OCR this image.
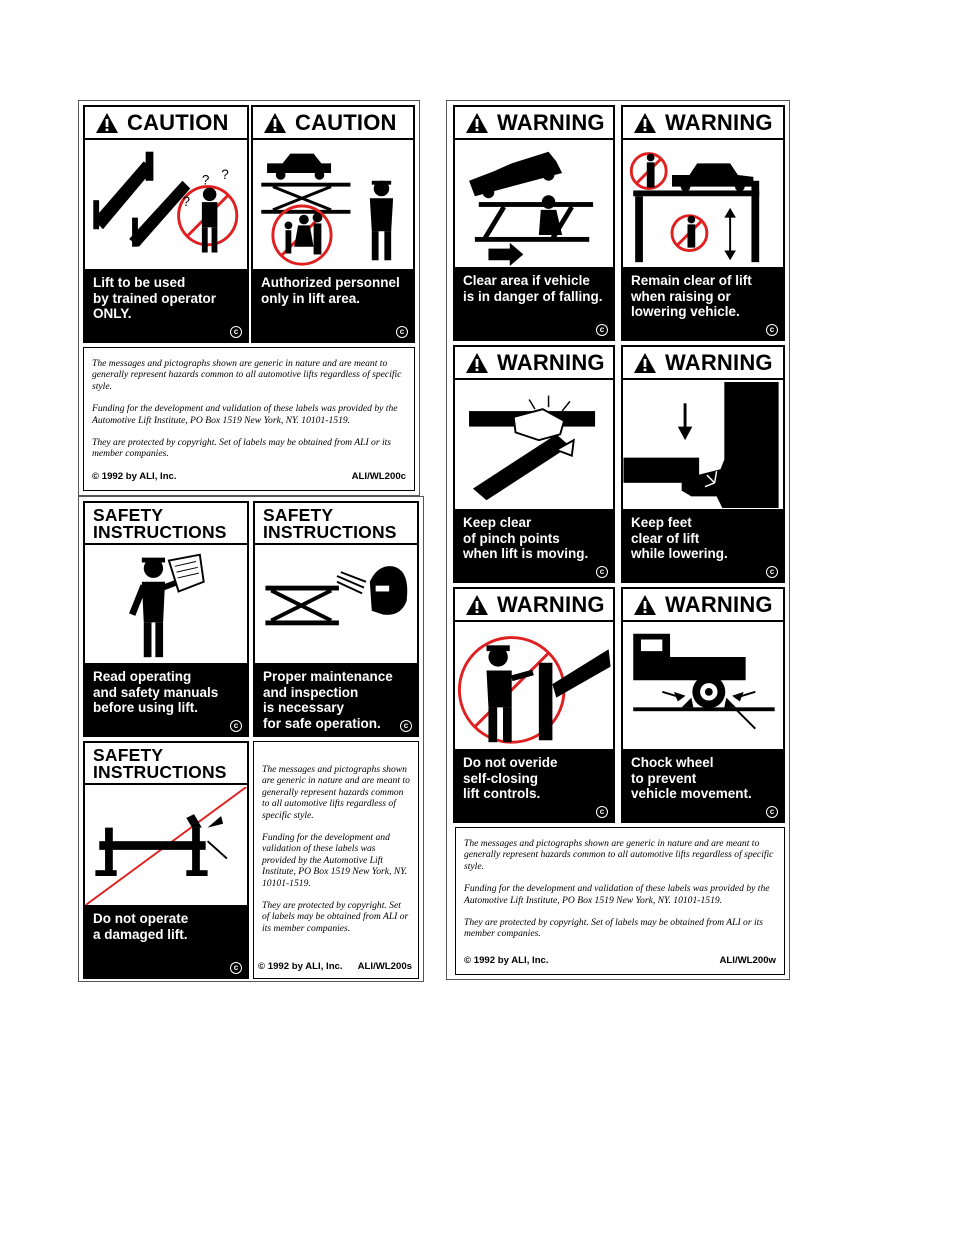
CAUTION
? ?
?
Lift to be used
by trained operator
ONLY.
c
CAUTION
Authorized personnel
only in lift area.
c

The messages and pictographs shown are generic in nature and are meant to generally represent hazards common to all automotive lifts regardless of specific style.

Funding for the development and validation of these labels was provided by the Automotive Lift Institute, PO Box 1519 New York, NY. 10101-1519.

They are protected by copyright. Set of labels may be obtained from ALI or its member companies.

© 1992 by ALI, Inc.	ALI/WL200c
SAFETY
INSTRUCTIONS
Read operating
and safety manuals
before using lift.
c
SAFETY
INSTRUCTIONS
Proper maintenance
and inspection
is necessary
for safe operation.	c
SAFETY
INSTRUCTIONS
Do not operate
a damaged lift.
c

The messages and pictographs shown are generic in nature and are meant to generally represent hazards common to all automotive lifts regardless of specific style.

Funding for the development and validation of these labels was provided by the Automotive Lift Institute, PO Box 1519 New York, NY. 10101-1519.

They are protected by copyright. Set of labels may be obtained from ALI or its member companies.

© 1992 by ALI, Inc. ALI/WL200s
WARNING
Clear area if vehicle
is in danger of falling.
c
WARNING
Remain clear of lift
when raising or
lowering vehicle.
c
WARNING
Keep clear
of pinch points
when lift is moving.
c
WARNING
Keep feet
clear of lift
while lowering.
c
WARNING
Do not overide
self-closing
lift controls.
c
WARNING
Chock wheel
to prevent
vehicle movement.
c

The messages and pictographs shown are generic in nature and are meant to generally represent hazards common to all automotive lifts regardless of specific style.

Funding for the development and validation of these labels was provided by the Automotive Lift Institute, PO Box 1519 New York, NY. 10101-1519.

They are protected by copyright. Set of labels may be obtained from ALI or its member companies.

© 1992 by ALI, Inc.	ALI/WL200w
